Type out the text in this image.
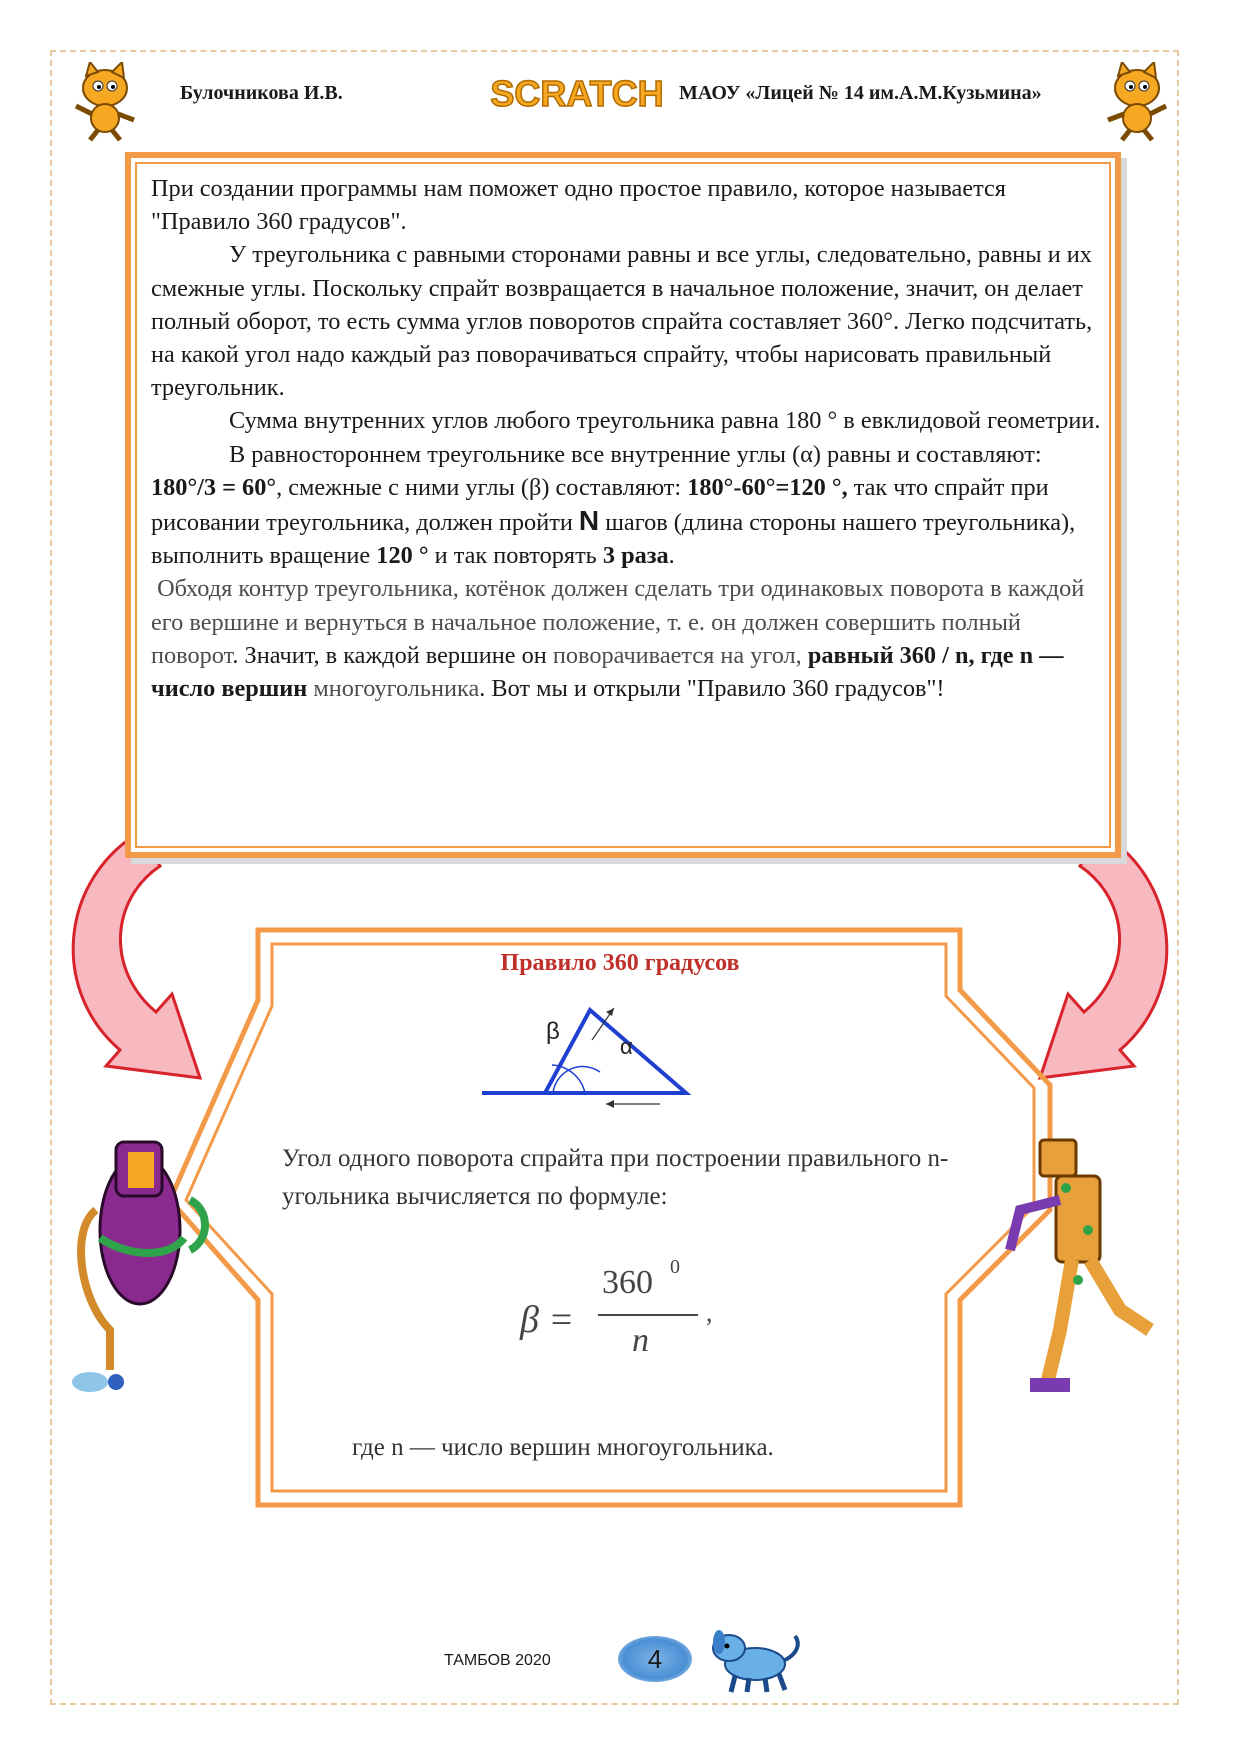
Булочникова И.В.	SCRATCH МАОУ «Лицей № 14 им.А.М.Кузьмина»

При создании программы нам поможет одно простое правило, которое называется "Правило 360 градусов".

У треугольника с равными сторонами равны и все углы, следовательно, равны и их смежные углы. Поскольку спрайт возвращается в начальное положение, значит, он делает полный оборот, то есть сумма углов поворотов спрайта составляет 360°. Легко подсчитать, на какой угол надо каждый раз поворачиваться спрайту, чтобы нарисовать правильный треугольник.

Сумма внутренних углов любого треугольника равна 180 ° в евклидовой геометрии.

В равностороннем треугольнике все внутренние углы (α) равны и составляют: 180°/3 = 60°, смежные с ними углы (β) составляют: 180°-60°=120 °, так что спрайт при рисовании треугольника, должен пройти N шагов (длина стороны нашего треугольника), выполнить вращение 120 ° и так повторять 3 раза.

Обходя контур треугольника, котёнок должен сделать три одинаковых поворота в каждой его вершине и вернуться в начальное положение, т. е. он должен совершить полный поворот. Значит, в каждой вершине он поворачивается на угол, равный 360 / n, где n — число вершин многоугольника. Вот мы и открыли "Правило 360 градусов"!

Правило 360 градусов
β
α
Угол одного поворота спрайта при построении правильного n-угольника вычисляется по формуле:
β =
360 0
n
,
где n — число вершин многоугольника.
ТАМБОВ 2020	4
